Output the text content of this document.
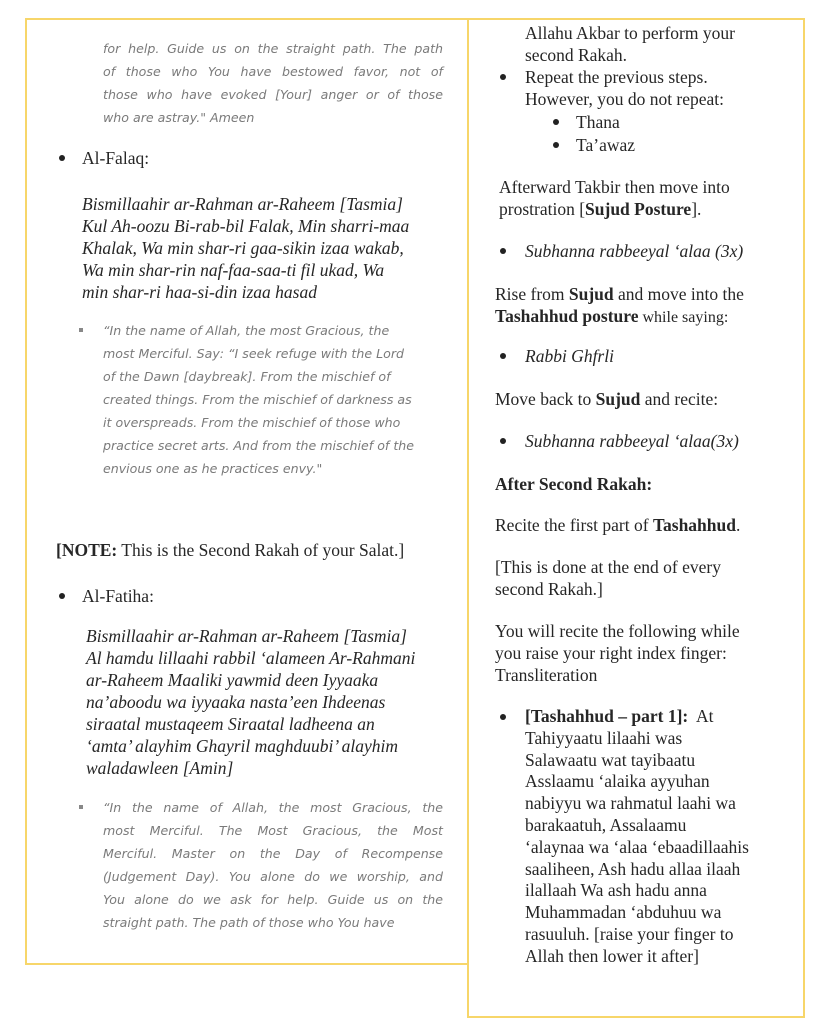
for help. Guide us on the straight path. The path
of those who You have bestowed favor, not of
those who have evoked [Your] anger or of those
who are astray." Ameen
Al-Falaq:
Bismillaahir ar-Rahman ar-Raheem [Tasmia]
Kul Ah-oozu Bi-rab-bil Falak, Min sharri-maa
Khalak, Wa min shar-ri gaa-sikin izaa wakab,
Wa min shar-rin naf-faa-saa-ti fil ukad, Wa
min shar-ri haa-si-din izaa hasad
“In the name of Allah, the most Gracious, the
most Merciful. Say: “I seek refuge with the Lord
of the Dawn [daybreak]. From the mischief of
created things. From the mischief of darkness as
it overspreads. From the mischief of those who
practice secret arts. And from the mischief of the
envious one as he practices envy."
[NOTE: This is the Second Rakah of your Salat.]
Al-Fatiha:
Bismillaahir ar-Rahman ar-Raheem [Tasmia]
Al hamdu lillaahi rabbil ‘alameen Ar-Rahmani
ar-Raheem Maaliki yawmid deen Iyyaaka
na’aboodu wa iyyaaka nasta’een Ihdeenas
siraatal mustaqeem Siraatal ladheena an
‘amta’ alayhim Ghayril maghduubi’ alayhim
waladawleen [Amin]
“In the name of Allah, the most Gracious, the
most Merciful. The Most Gracious, the Most
Merciful. Master on the Day of Recompense
(Judgement Day). You alone do we worship, and
You alone do we ask for help. Guide us on the
straight path. The path of those who You have
Allahu Akbar to perform your
second Rakah.
Repeat the previous steps.
However, you do not repeat:
Thana
Ta’awaz
Afterward Takbir then move into
prostration [Sujud Posture].
Subhanna rabbeeyal ‘alaa (3x)
Rise from Sujud and move into the
Tashahhud posture while saying:
Rabbi Ghfrli
Move back to Sujud and recite:
Subhanna rabbeeyal ‘alaa(3x)
After Second Rakah:
Recite the first part of Tashahhud.
[This is done at the end of every
second Rakah.]
You will recite the following while
you raise your right index finger:
Transliteration
[Tashahhud – part 1]:  At
Tahiyyaatu lilaahi was
Salawaatu wat tayibaatu
Asslaamu ‘alaika ayyuhan
nabiyyu wa rahmatul laahi wa
barakaatuh, Assalaamu
‘alaynaa wa ‘alaa ‘ebaadillaahis
saaliheen, Ash hadu allaa ilaah
ilallaah Wa ash hadu anna
Muhammadan ‘abduhuu wa
rasuuluh. [raise your finger to
Allah then lower it after]
